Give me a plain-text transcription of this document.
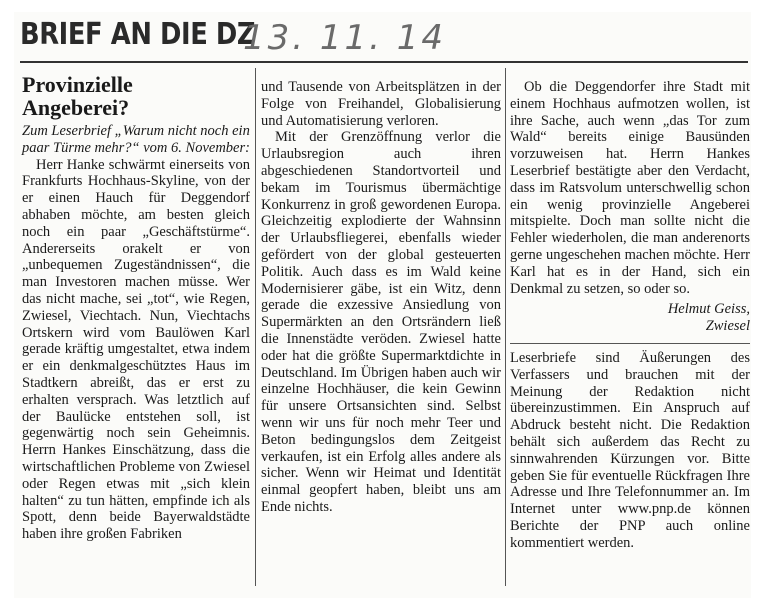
BRIEF AN DIE DZ
13. 11. 14
Provinzielle
Angeberei?

Zum Leserbrief „Warum nicht noch ein paar Türme mehr?“ vom 6. November:

Herr Hanke schwärmt einerseits von Frankfurts Hochhaus-Skyline, von der er einen Hauch für Deggendorf abhaben möchte, am besten gleich noch ein paar „Geschäftstürme“. Andererseits orakelt er von „unbequemen Zugeständnissen“, die man Investoren machen müsse. Wer das nicht mache, sei „tot“, wie Regen, Zwiesel, Viechtach. Nun, Viechtachs Ortskern wird vom Baulöwen Karl gerade kräftig umgestaltet, etwa indem er ein denkmalgeschütztes Haus im Stadtkern abreißt, das er erst zu erhalten versprach. Was letztlich auf der Baulücke entstehen soll, ist gegenwärtig noch sein Geheimnis. Herrn Hankes Einschätzung, dass die wirtschaftlichen Probleme von Zwiesel oder Regen etwas mit „sich klein halten“ zu tun hätten, empfinde ich als Spott, denn beide Bayerwaldstädte haben ihre großen Fabriken

und Tausende von Arbeitsplätzen in der Folge von Freihandel, Globalisierung und Automatisierung verloren.

Mit der Grenzöffnung verlor die Urlaubsregion auch ihren abgeschiedenen Standortvorteil und bekam im Tourismus übermächtige Konkurrenz in groß gewordenen Europa. Gleichzeitig explodierte der Wahnsinn der Urlaubsfliegerei, ebenfalls wieder gefördert von der global gesteuerten Politik. Auch dass es im Wald keine Modernisierer gäbe, ist ein Witz, denn gerade die exzessive Ansiedlung von Supermärkten an den Ortsrändern ließ die Innenstädte veröden. Zwiesel hatte oder hat die größte Supermarktdichte in Deutschland. Im Übrigen haben auch wir einzelne Hochhäuser, die kein Gewinn für unsere Ortsansichten sind. Selbst wenn wir uns für noch mehr Teer und Beton bedingungslos dem Zeitgeist verkaufen, ist ein Erfolg alles andere als sicher. Wenn wir Heimat und Identität einmal geopfert haben, bleibt uns am Ende nichts.

Ob die Deggendorfer ihre Stadt mit einem Hochhaus aufmotzen wollen, ist ihre Sache, auch wenn „das Tor zum Wald“ bereits einige Bausünden vorzuweisen hat. Herrn Hankes Leserbrief bestätigte aber den Verdacht, dass im Ratsvolum unterschwellig schon ein wenig provinzielle Angeberei mitspielte. Doch man sollte nicht die Fehler wiederholen, die man anderenorts gerne ungeschehen machen möchte. Herr Karl hat es in der Hand, sich ein Denkmal zu setzen, so oder so.

Helmut Geiss,
Zwiesel

Leserbriefe sind Äußerungen des Verfassers und brauchen mit der Meinung der Redaktion nicht übereinzustimmen. Ein Anspruch auf Abdruck besteht nicht. Die Redaktion behält sich außerdem das Recht zu sinnwahrenden Kürzungen vor. Bitte geben Sie für eventuelle Rückfragen Ihre Adresse und Ihre Telefonnummer an. Im Internet unter www.pnp.de können Berichte der PNP auch online kommentiert werden.
